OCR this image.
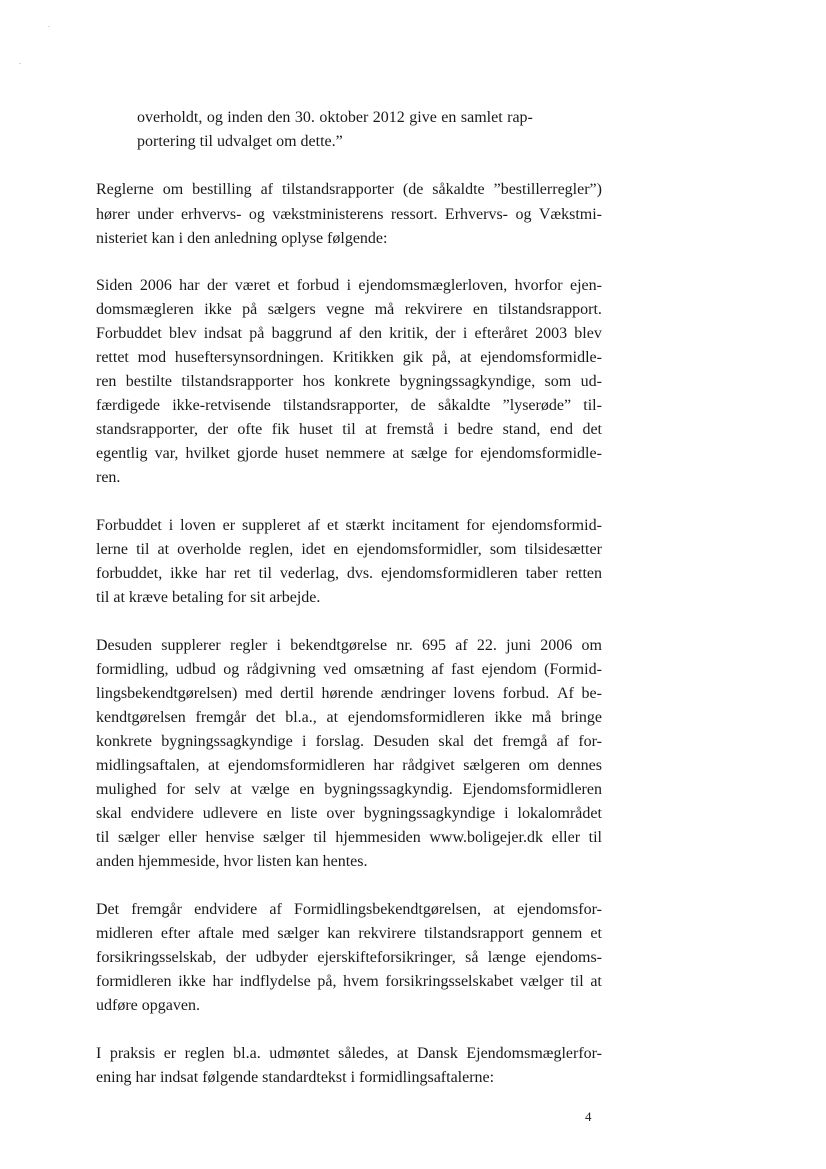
overholdt, og inden den 30. oktober 2012 give en samlet rap-

portering til udvalget om dette.”

Reglerne om bestilling af tilstandsrapporter (de såkaldte ”bestillerregler”)

hører under erhvervs- og vækstministerens ressort. Erhvervs- og Vækstmi-

nisteriet kan i den anledning oplyse følgende:

Siden 2006 har der været et forbud i ejendomsmæglerloven, hvorfor ejen-

domsmægleren ikke på sælgers vegne må rekvirere en tilstandsrapport.

Forbuddet blev indsat på baggrund af den kritik, der i efteråret 2003 blev

rettet mod huseftersynsordningen. Kritikken gik på, at ejendomsformidle-

ren bestilte tilstandsrapporter hos konkrete bygningssagkyndige, som ud-

færdigede ikke-retvisende tilstandsrapporter, de såkaldte ”lyserøde” til-

standsrapporter, der ofte fik huset til at fremstå i bedre stand, end det

egentlig var, hvilket gjorde huset nemmere at sælge for ejendomsformidle-

ren.

Forbuddet i loven er suppleret af et stærkt incitament for ejendomsformid-

lerne til at overholde reglen, idet en ejendomsformidler, som tilsidesætter

forbuddet, ikke har ret til vederlag, dvs. ejendomsformidleren taber retten

til at kræve betaling for sit arbejde.

Desuden supplerer regler i bekendtgørelse nr. 695 af 22. juni 2006 om

formidling, udbud og rådgivning ved omsætning af fast ejendom (Formid-

lingsbekendtgørelsen) med dertil hørende ændringer lovens forbud. Af be-

kendtgørelsen fremgår det bl.a., at ejendomsformidleren ikke må bringe

konkrete bygningssagkyndige i forslag. Desuden skal det fremgå af for-

midlingsaftalen, at ejendomsformidleren har rådgivet sælgeren om dennes

mulighed for selv at vælge en bygningssagkyndig. Ejendomsformidleren

skal endvidere udlevere en liste over bygningssagkyndige i lokalområdet

til sælger eller henvise sælger til hjemmesiden www.boligejer.dk eller til

anden hjemmeside, hvor listen kan hentes.

Det fremgår endvidere af Formidlingsbekendtgørelsen, at ejendomsfor-

midleren efter aftale med sælger kan rekvirere tilstandsrapport gennem et

forsikringsselskab, der udbyder ejerskifteforsikringer, så længe ejendoms-

formidleren ikke har indflydelse på, hvem forsikringsselskabet vælger til at

udføre opgaven.

I praksis er reglen bl.a. udmøntet således, at Dansk Ejendomsmæglerfor-

ening har indsat følgende standardtekst i formidlingsaftalerne:

4
